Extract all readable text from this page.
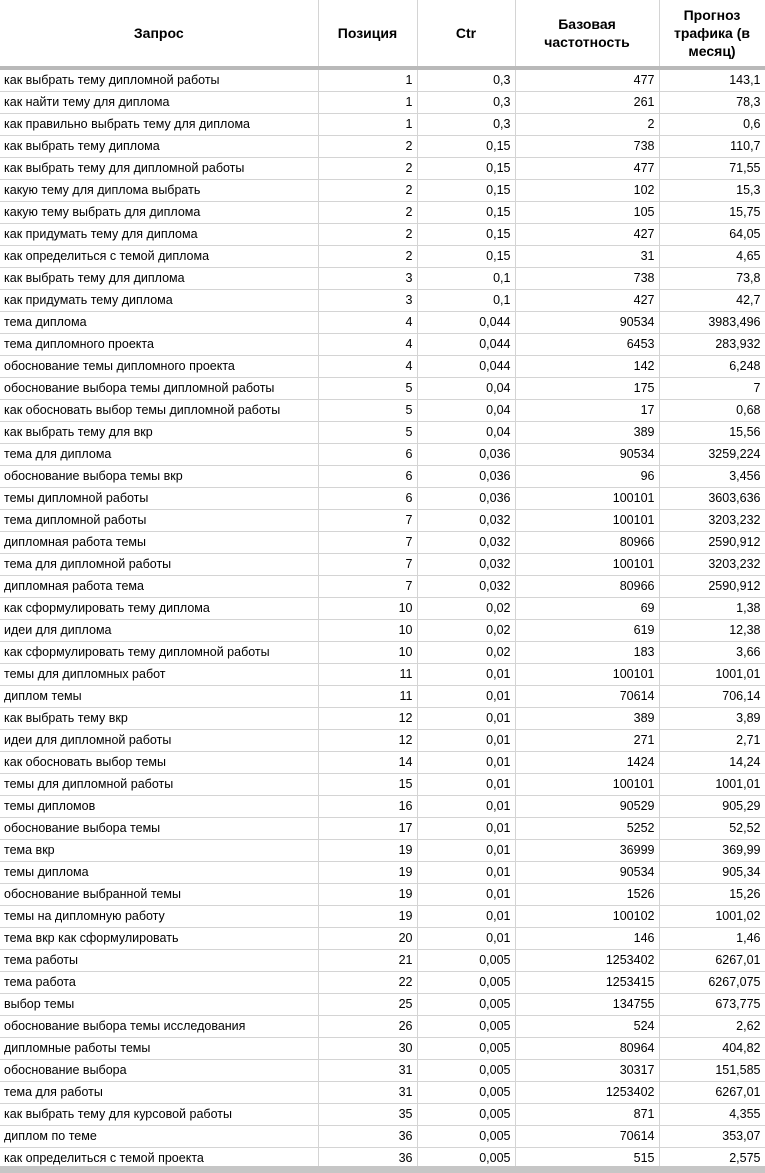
Запрос	Позиция	Ctr	Базовая частотность	Прогноз трафика (в месяц)
как выбрать тему дипломной работы	1	0,3	477	143,1
как найти тему для диплома	1	0,3	261	78,3
как правильно выбрать тему для диплома	1	0,3	2	0,6
как выбрать тему диплома	2	0,15	738	110,7
как выбрать тему для дипломной работы	2	0,15	477	71,55
какую тему для диплома выбрать	2	0,15	102	15,3
какую тему выбрать для диплома	2	0,15	105	15,75
как придумать тему для диплома	2	0,15	427	64,05
как определиться с темой диплома	2	0,15	31	4,65
как выбрать тему для диплома	3	0,1	738	73,8
как придумать тему диплома	3	0,1	427	42,7
тема диплома	4	0,044	90534	3983,496
тема дипломного проекта	4	0,044	6453	283,932
обоснование темы дипломного проекта	4	0,044	142	6,248
обоснование выбора темы дипломной работы	5	0,04	175	7
как обосновать выбор темы дипломной работы	5	0,04	17	0,68
как выбрать тему для вкр	5	0,04	389	15,56
тема для диплома	6	0,036	90534	3259,224
обоснование выбора темы вкр	6	0,036	96	3,456
темы дипломной работы	6	0,036	100101	3603,636
тема дипломной работы	7	0,032	100101	3203,232
дипломная работа темы	7	0,032	80966	2590,912
тема для дипломной работы	7	0,032	100101	3203,232
дипломная работа тема	7	0,032	80966	2590,912
как сформулировать тему диплома	10	0,02	69	1,38
идеи для диплома	10	0,02	619	12,38
как сформулировать тему дипломной работы	10	0,02	183	3,66
темы для дипломных работ	11	0,01	100101	1001,01
диплом темы	11	0,01	70614	706,14
как выбрать тему вкр	12	0,01	389	3,89
идеи для дипломной работы	12	0,01	271	2,71
как обосновать выбор темы	14	0,01	1424	14,24
темы для дипломной работы	15	0,01	100101	1001,01
темы дипломов	16	0,01	90529	905,29
обоснование выбора темы	17	0,01	5252	52,52
тема вкр	19	0,01	36999	369,99
темы диплома	19	0,01	90534	905,34
обоснование выбранной темы	19	0,01	1526	15,26
темы на дипломную работу	19	0,01	100102	1001,02
тема вкр как сформулировать	20	0,01	146	1,46
тема работы	21	0,005	1253402	6267,01
тема работа	22	0,005	1253415	6267,075
выбор темы	25	0,005	134755	673,775
обоснование выбора темы исследования	26	0,005	524	2,62
дипломные работы темы	30	0,005	80964	404,82
обоснование выбора	31	0,005	30317	151,585
тема для работы	31	0,005	1253402	6267,01
как выбрать тему для курсовой работы	35	0,005	871	4,355
диплом по теме	36	0,005	70614	353,07
как определиться с темой проекта	36	0,005	515	2,575
